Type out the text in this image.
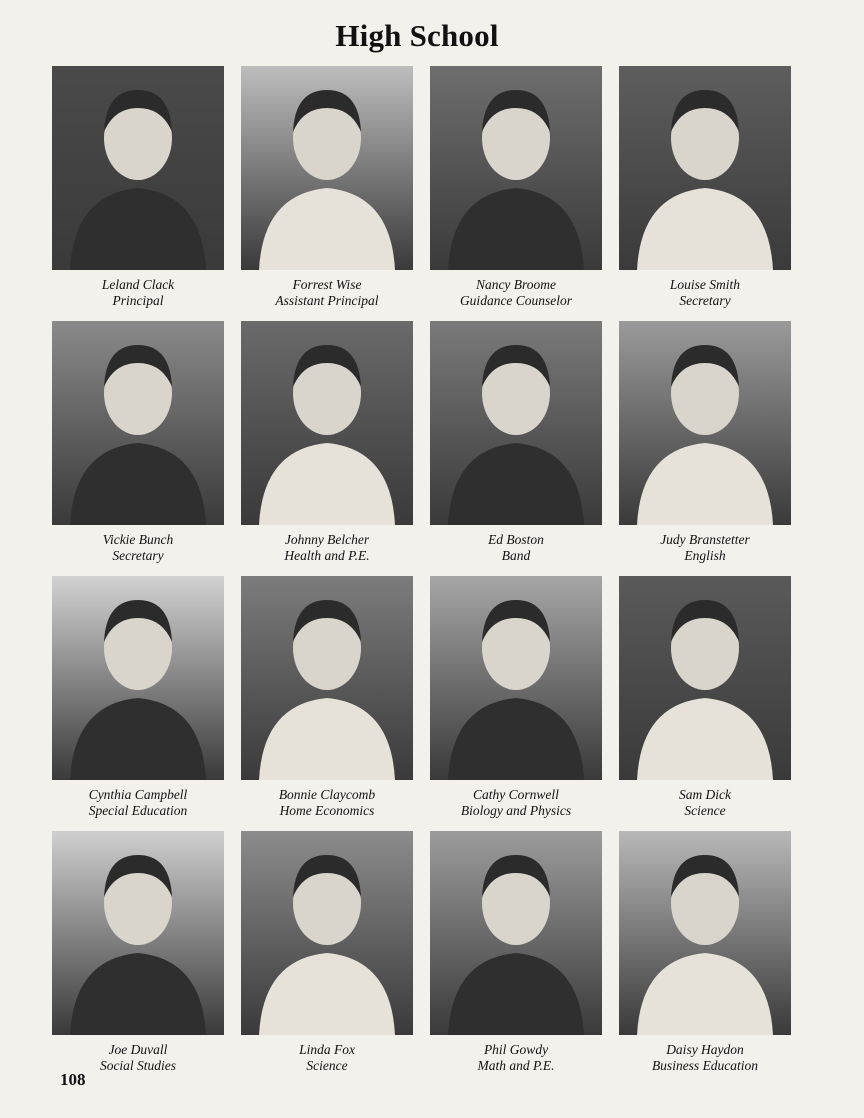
High School
Leland Clack
Principal
Forrest Wise
Assistant Principal
Nancy Broome
Guidance Counselor
Louise Smith
Secretary
Vickie Bunch
Secretary
Johnny Belcher
Health and P.E.
Ed Boston
Band
Judy Branstetter
English
Cynthia Campbell
Special Education
Bonnie Claycomb
Home Economics
Cathy Cornwell
Biology and Physics
Sam Dick
Science
Joe Duvall
Social Studies
Linda Fox
Science
Phil Gowdy
Math and P.E.
Daisy Haydon
Business Education
108
